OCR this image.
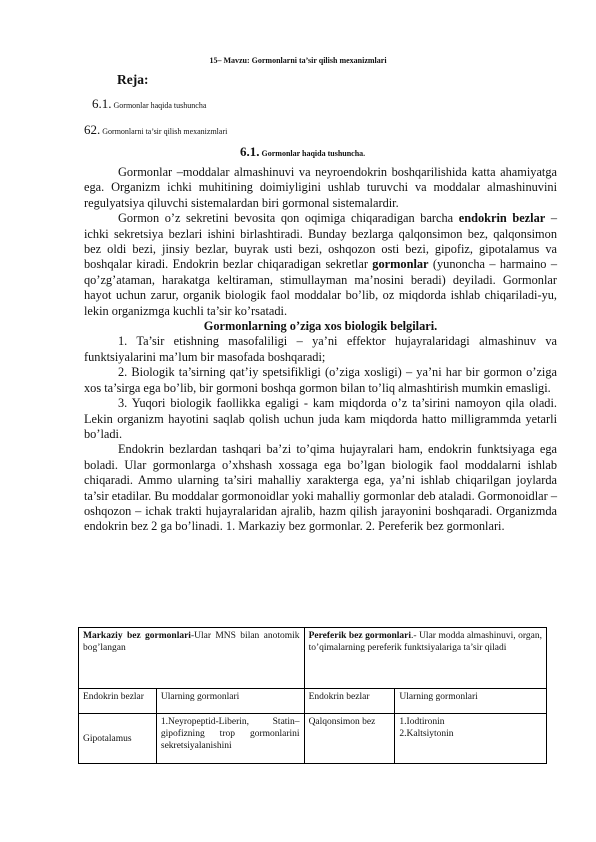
15– Mavzu: Gormonlarni ta’sir qilish mexanizmlari
Reja:
6.1. Gormonlar haqida tushuncha
62. Gormonlarni ta’sir qilish mexanizmlari
6.1. Gormonlar haqida tushuncha.

Gormonlar –moddalar almashinuvi va neyroendokrin boshqarilishida katta ahamiyatga ega. Organizm ichki muhitining doimiyligini ushlab turuvchi va moddalar almashinuvini regulyatsiya qiluvchi sistemalardan biri gormonal sistemalardir.

Gormon o’z sekretini bevosita qon oqimiga chiqaradigan barcha endokrin bezlar – ichki sekretsiya bezlari ishini birlashtiradi. Bunday bezlarga qalqonsimon bez, qalqonsimon bez oldi bezi, jinsiy bezlar, buyrak usti bezi, oshqozon osti bezi, gipofiz, gipotalamus va boshqalar kiradi. Endokrin bezlar chiqaradigan sekretlar gormonlar (yunoncha – harmaino – qo’zg’ataman, harakatga keltiraman, stimullayman ma’nosini beradi) deyiladi. Gormonlar hayot uchun zarur, organik biologik faol moddalar bo’lib, oz miqdorda ishlab chiqariladi-yu, lekin organizmga kuchli ta’sir ko’rsatadi.

Gormonlarning o’ziga xos biologik belgilari.

1. Ta’sir etishning masofaliligi – ya’ni effektor hujayralaridagi almashinuv va funktsiyalarini ma’lum bir masofada boshqaradi;

2. Biologik ta’sirning qat’iy spetsifikligi (o’ziga xosligi) – ya’ni har bir gormon o’ziga xos ta’sirga ega bo’lib, bir gormoni boshqa gormon bilan to’liq almashtirish mumkin emasligi.

3. Yuqori biologik faollikka egaligi - kam miqdorda o’z ta’sirini namoyon qila oladi. Lekin organizm hayotini saqlab qolish uchun juda kam miqdorda hatto milligrammda yetarli bo’ladi.

Endokrin bezlardan tashqari ba’zi to’qima hujayralari ham, endokrin funktsiyaga ega boladi. Ular gormonlarga o’xhshash xossaga ega bo’lgan biologik faol moddalarni ishlab chiqaradi. Ammo ularning ta’siri mahalliy xarakterga ega, ya’ni ishlab chiqarilgan joylarda ta’sir etadilar. Bu moddalar gormonoidlar yoki mahalliy gormonlar deb ataladi. Gormonoidlar – oshqozon – ichak trakti hujayralaridan ajralib, hazm qilish jarayonini boshqaradi. Organizmda endokrin bez 2 ga bo’linadi. 1. Markaziy bez gormonlar. 2. Pereferik bez gormonlari.

Markaziy bez gormonlari-Ular MNS bilan anotomik bog’langan		Pereferik bez gormonlari.- Ular modda almashinuvi, organ, to’qimalarning pereferik funktsiyalariga ta’sir qiladi	
Endokrin bezlar	Ularning gormonlari	Endokrin bezlar	Ularning gormonlari
Gipotalamus	1.Neyropeptid-Liberin, Statin–gipofizning trop gormonlarini sekretsiyalanishini	Qalqonsimon bez	1.Iodtironin
2.Kaltsiytonin
